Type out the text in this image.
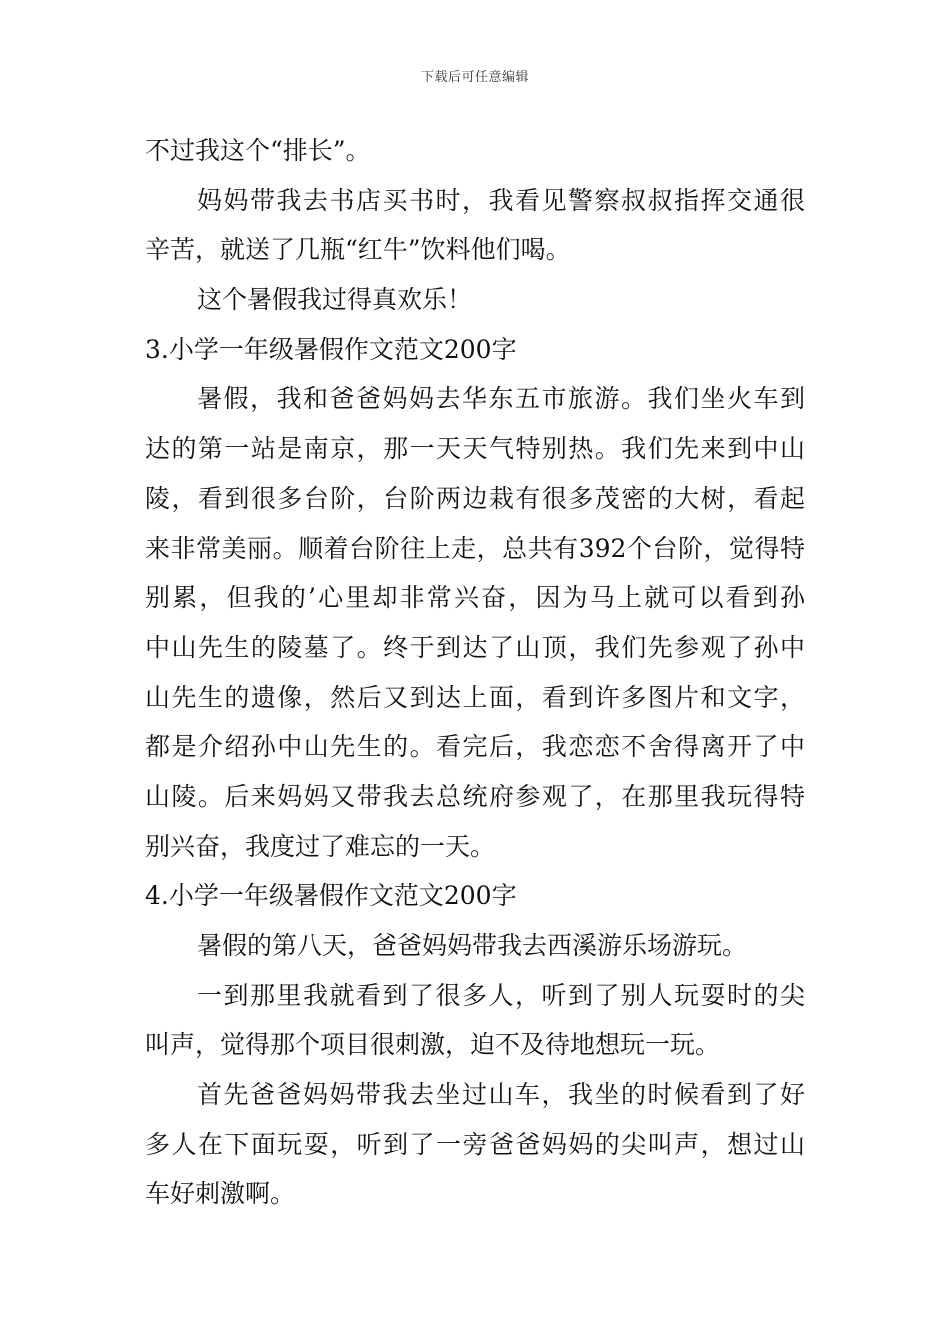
下载后可任意编辑
不过我这个“排长”。
妈妈带我去书店买书时，我看见警察叔叔指挥交通很
辛苦，就送了几瓶“红牛”饮料他们喝。
这个暑假我过得真欢乐！
3.小学一年级暑假作文范文200字
暑假，我和爸爸妈妈去华东五市旅游。我们坐火车到
达的第一站是南京，那一天天气特别热。我们先来到中山
陵，看到很多台阶，台阶两边栽有很多茂密的大树，看起
来非常美丽。顺着台阶往上走，总共有392个台阶，觉得特
别累，但我的’心里却非常兴奋，因为马上就可以看到孙
中山先生的陵墓了。终于到达了山顶，我们先参观了孙中
山先生的遗像，然后又到达上面，看到许多图片和文字，
都是介绍孙中山先生的。看完后，我恋恋不舍得离开了中
山陵。后来妈妈又带我去总统府参观了，在那里我玩得特
别兴奋，我度过了难忘的一天。
4.小学一年级暑假作文范文200字
暑假的第八天，爸爸妈妈带我去西溪游乐场游玩。
一到那里我就看到了很多人，听到了别人玩耍时的尖
叫声，觉得那个项目很刺激，迫不及待地想玩一玩。
首先爸爸妈妈带我去坐过山车，我坐的时候看到了好
多人在下面玩耍，听到了一旁爸爸妈妈的尖叫声，想过山
车好刺激啊。
